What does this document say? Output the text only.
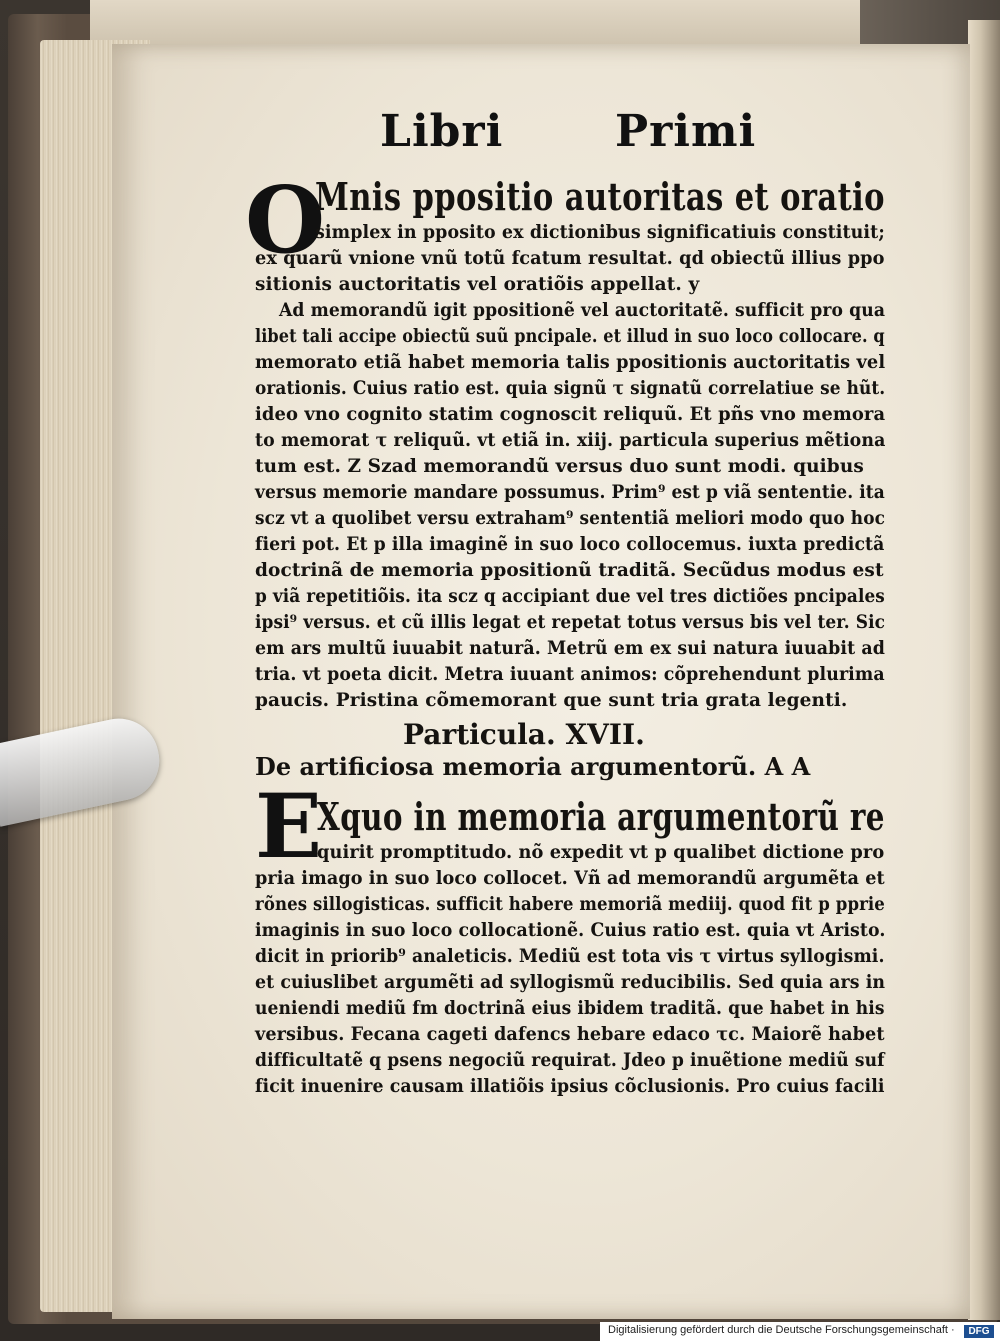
Libri	Primi
O
Mnis ppositio autoritas et oratio
simplex in pposito ex dictionibus significatiuis constituit;
ex quarũ vnione vnũ totũ fcatum resultat. qd obiectũ illius ppo
sitionis auctoritatis vel oratiõis appellat. y
Ad memorandũ igit ppositionẽ vel auctoritatẽ. sufficit pro qua
libet tali accipe obiectũ suũ pncipale. et illud in suo loco collocare. q
memorato etiã habet memoria talis ppositionis auctoritatis vel
orationis. Cuius ratio est. quia signũ τ signatũ correlatiue se hũt.
ideo vno cognito statim cognoscit reliquũ. Et pñs vno memora
to memorat τ reliquũ. vt etiã in. xiij. particula superius mẽtiona
tum est. Z Szad memorandũ versus duo sunt modi. quibus
versus memorie mandare possumus. Prim⁹ est p viã sententie. ita
scz vt a quolibet versu extraham⁹ sententiã meliori modo quo hoc
fieri pot. Et p illa imaginẽ in suo loco collocemus. iuxta predictã
doctrinã de memoria ppositionũ traditã. Secũdus modus est
p viã repetitiõis. ita scz q accipiant due vel tres dictiões pncipales
ipsi⁹ versus. et cũ illis legat et repetat totus versus bis vel ter. Sic
em ars multũ iuuabit naturã. Metrũ em ex sui natura iuuabit ad
tria. vt poeta dicit. Metra iuuant animos: cõprehendunt plurima
paucis. Pristina cõmemorant que sunt tria grata legenti.
Particula. XVII.
De artificiosa memoria argumentorũ. A A
E
Xquo in memoria argumentorũ re
quirit promptitudo. nõ expedit vt p qualibet dictione pro
pria imago in suo loco collocet. Vñ ad memorandũ argumẽta et
rõnes sillogisticas. sufficit habere memoriã mediij. quod fit p pprie
imaginis in suo loco collocationẽ. Cuius ratio est. quia vt Aristo.
dicit in priorib⁹ analeticis. Mediũ est tota vis τ virtus syllogismi.
et cuiuslibet argumẽti ad syllogismũ reducibilis. Sed quia ars in
ueniendi mediũ fm doctrinã eius ibidem traditã. que habet in his
versibus. Fecana cageti dafencs hebare edaco τc. Maiorẽ habet
difficultatẽ q psens negociũ requirat. Jdeo p inuẽtione mediũ suf
ficit inuenire causam illatiõis ipsius cõclusionis. Pro cuius facili
Digitalisierung gefördert durch die Deutsche Forschungsgemeinschaft ·	DFG
